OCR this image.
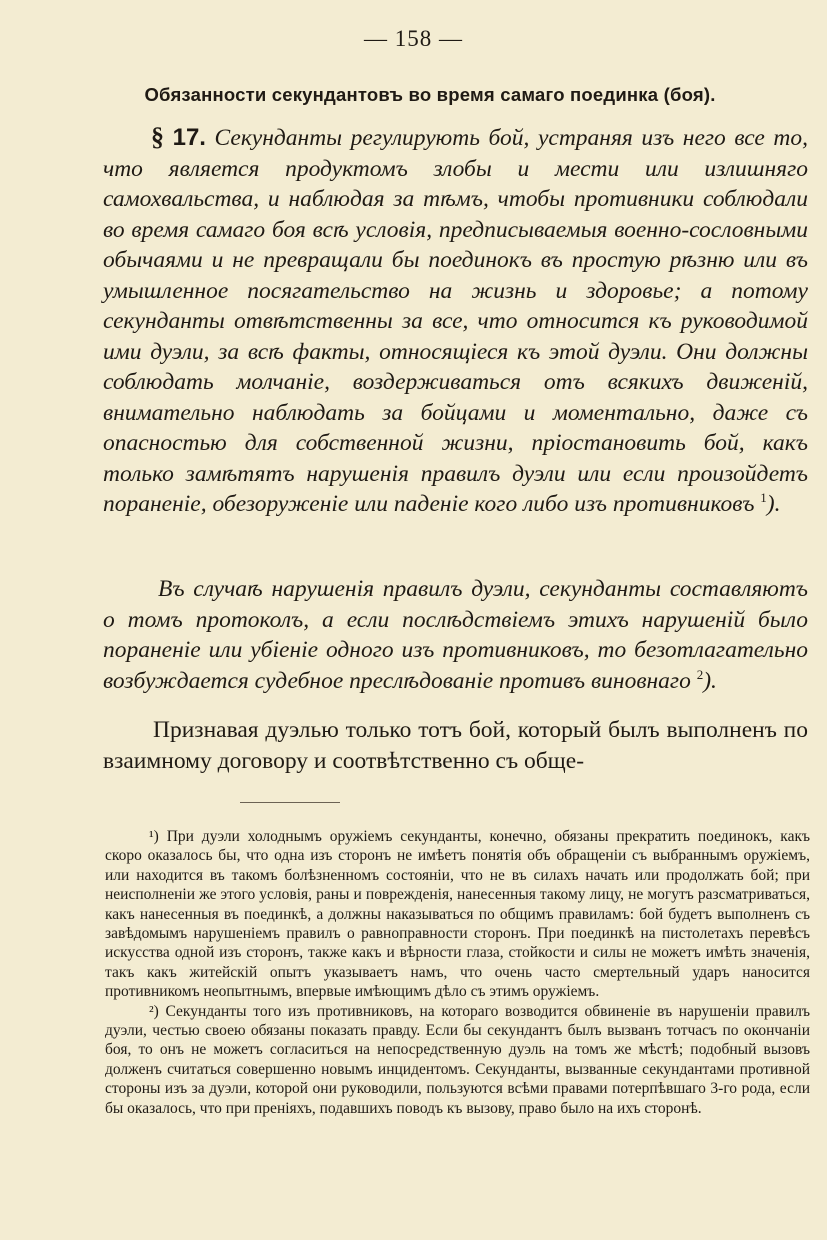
— 158 —
Обязанности секундантовъ во время самаго поединка (боя).
§ 17. Секунданты регулирують бой, устраняя изъ него все то, что является продуктомъ злобы и мести или излишняго самохвальства, и наблюдая за тѣмъ, чтобы противники соблюдали во время самаго боя всѣ условія, предписываемыя военно-сословными обычаями и не превращали бы поединокъ въ простую рѣзню или въ умышленное посягательство на жизнь и здоровье; а потому секунданты отвѣтственны за все, что относится къ руководимой ими дуэли, за всѣ факты, относящіеся къ этой дуэли. Они должны соблюдать молчаніе, воздерживаться отъ всякихъ движеній, внимательно наблюдать за бойцами и моментально, даже съ опасностью для собственной жизни, пріостановить бой, какъ только замѣтятъ нарушенія правилъ дуэли или если произойдетъ пораненіе, обезоруженіе или паденіе кого либо изъ противниковъ $^1$).
Въ случаѣ нарушенія правилъ дуэли, секунданты составляютъ о томъ протоколъ, а если послѣдствіемъ этихъ нарушеній было пораненіе или убіеніе одного изъ противниковъ, то безотлагательно возбуждается судебное преслѣдованіе противъ виновнаго $^2$).
Признавая дуэлью только тотъ бой, который былъ выполненъ по взаимному договору и соотвѣтственно съ обще-

¹) При дуэли холоднымъ оружіемъ секунданты, конечно, обязаны прекратить поединокъ, какъ скоро оказалось бы, что одна изъ сторонъ не имѣетъ понятія объ обращеніи съ выбраннымъ оружіемъ, или находится въ такомъ болѣзненномъ состояніи, что не въ силахъ начать или продолжать бой; при неисполненіи же этого условія, раны и поврежденія, нанесенныя такому лицу, не могутъ разсматриваться, какъ нанесенныя въ поединкѣ, а должны наказываться по общимъ правиламъ: бой будетъ выполненъ съ завѣдомымъ нарушеніемъ правилъ о равноправности сторонъ. При поединкѣ на пистолетахъ перевѣсъ искусства одной изъ сторонъ, также какъ и вѣрности глаза, стойкости и силы не можетъ имѣть значенія, такъ какъ житейскій опытъ указываетъ намъ, что очень часто смертельный ударъ наносится противникомъ неопытнымъ, впервые имѣющимъ дѣло съ этимъ оружіемъ.

²) Секунданты того изъ противниковъ, на котораго возводится обвиненіе въ нарушеніи правилъ дуэли, честью своею обязаны показать правду. Если бы секундантъ былъ вызванъ тотчасъ по окончаніи боя, то онъ не можетъ согласиться на непосредственную дуэль на томъ же мѣстѣ; подобный вызовъ долженъ считаться совершенно новымъ инцидентомъ. Секунданты, вызванные секундантами противной стороны изъ за дуэли, которой они руководили, пользуются всѣми правами потерпѣвшаго 3-го рода, если бы оказалось, что при преніяхъ, подавшихъ поводъ къ вызову, право было на ихъ сторонѣ.
